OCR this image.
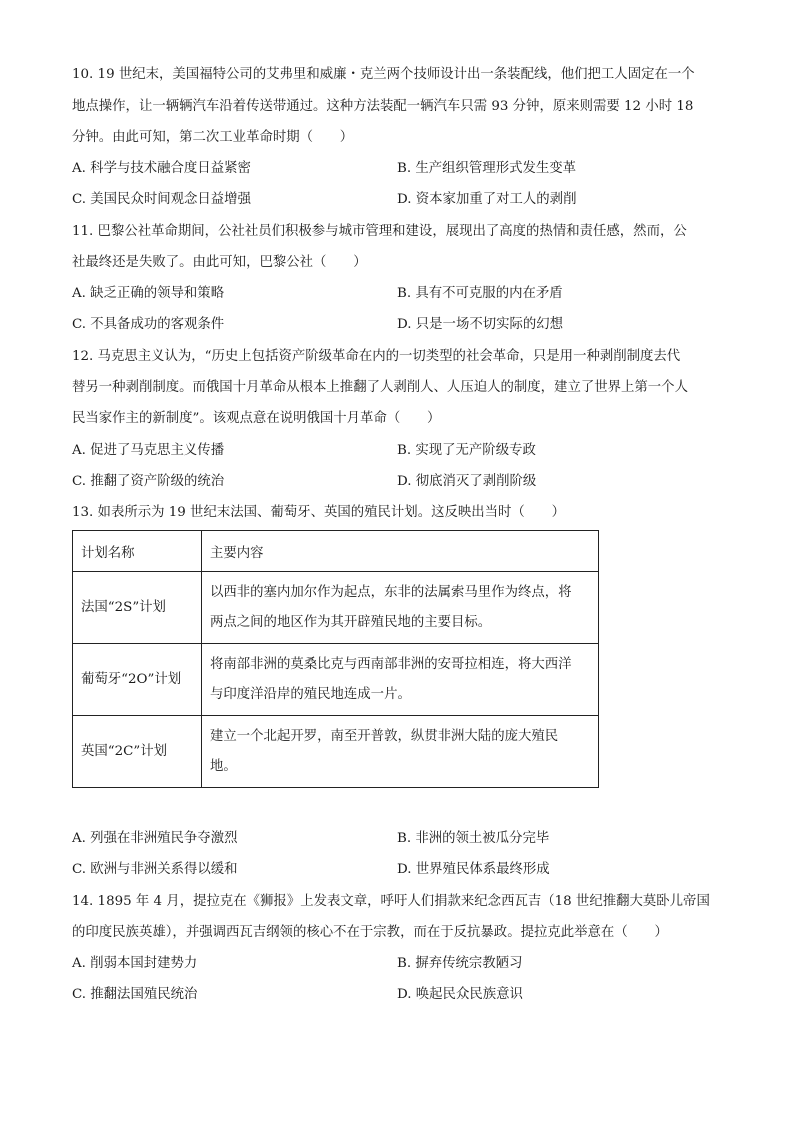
10. 19 世纪末，美国福特公司的艾弗里和威廉・克兰两个技师设计出一条装配线，他们把工人固定在一个
地点操作，让一辆辆汽车沿着传送带通过。这种方法装配一辆汽车只需 93 分钟，原来则需要 12 小时 18
分钟。由此可知，第二次工业革命时期（　　）
A. 科学与技术融合度日益紧密	B. 生产组织管理形式发生变革
C. 美国民众时间观念日益增强	D. 资本家加重了对工人的剥削
11. 巴黎公社革命期间，公社社员们积极参与城市管理和建设，展现出了高度的热情和责任感，然而，公
社最终还是失败了。由此可知，巴黎公社（　　）
A. 缺乏正确的领导和策略	B. 具有不可克服的内在矛盾
C. 不具备成功的客观条件	D. 只是一场不切实际的幻想
12. 马克思主义认为，“历史上包括资产阶级革命在内的一切类型的社会革命，只是用一种剥削制度去代
替另一种剥削制度。而俄国十月革命从根本上推翻了人剥削人、人压迫人的制度，建立了世界上第一个人
民当家作主的新制度”。该观点意在说明俄国十月革命（　　）
A. 促进了马克思主义传播	B. 实现了无产阶级专政
C. 推翻了资产阶级的统治	D. 彻底消灭了剥削阶级
13. 如表所示为 19 世纪末法国、葡萄牙、英国的殖民计划。这反映出当时（　　）
计划名称	主要内容
法国“2S”计划	以西非的塞内加尔作为起点，东非的法属索马里作为终点，将
两点之间的地区作为其开辟殖民地的主要目标。

葡萄牙“2O”计划	将南部非洲的莫桑比克与西南部非洲的安哥拉相连，将大西洋
与印度洋沿岸的殖民地连成一片。

英国“2C”计划	建立一个北起开罗，南至开普敦，纵贯非洲大陆的庞大殖民
地。
A. 列强在非洲殖民争夺激烈	B. 非洲的领土被瓜分完毕
C. 欧洲与非洲关系得以缓和	D. 世界殖民体系最终形成
14. 1895 年 4 月，提拉克在《狮报》上发表文章，呼吁人们捐款来纪念西瓦吉（18 世纪推翻大莫卧儿帝国
的印度民族英雄），并强调西瓦吉纲领的核心不在于宗教，而在于反抗暴政。提拉克此举意在（　　）
A. 削弱本国封建势力	B. 摒弃传统宗教陋习
C. 推翻法国殖民统治	D. 唤起民众民族意识
